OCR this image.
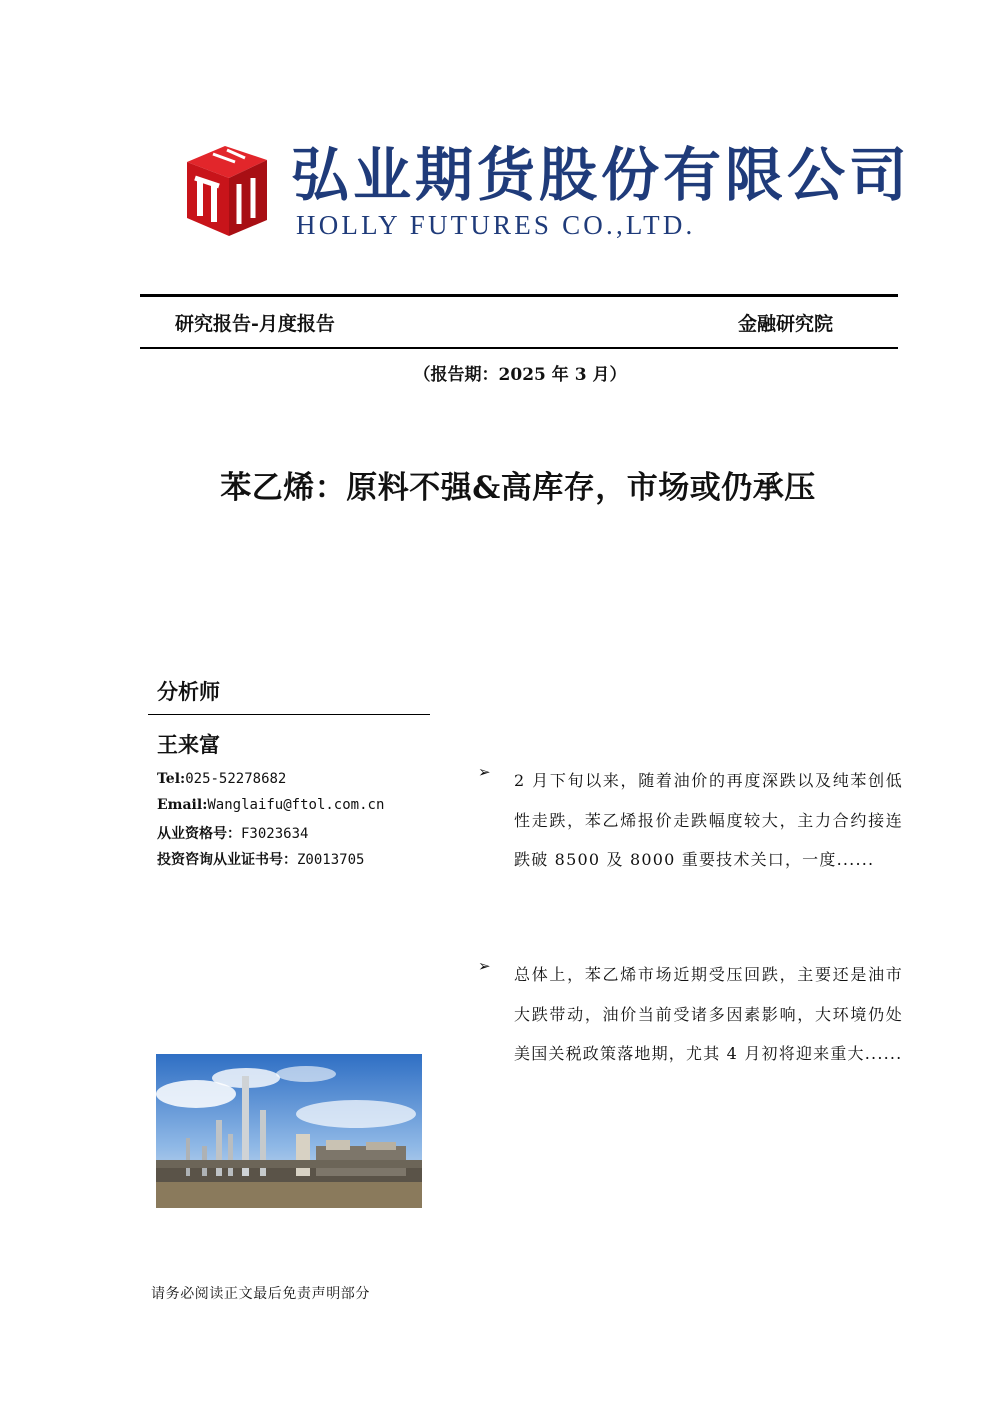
弘业期货股份有限公司
HOLLY FUTURES CO.,LTD.
研究报告-月度报告	金融研究院
（报告期：2025 年 3 月）
苯乙烯：原料不强&高库存，市场或仍承压
分析师
王来富
Tel:025-52278682
Email:Wanglaifu@ftol.com.cn
从业资格号：F3023634
投资咨询从业证书号：Z0013705
➢ 2 月下旬以来，随着油价的再度深跌以及纯苯创低性走跌，苯乙烯报价走跌幅度较大，主力合约接连跌破 8500 及 8000 重要技术关口，一度......
➢ 总体上，苯乙烯市场近期受压回跌，主要还是油市大跌带动，油价当前受诸多因素影响，大环境仍处美国关税政策落地期，尤其 4 月初将迎来重大......
请务必阅读正文最后免责声明部分
